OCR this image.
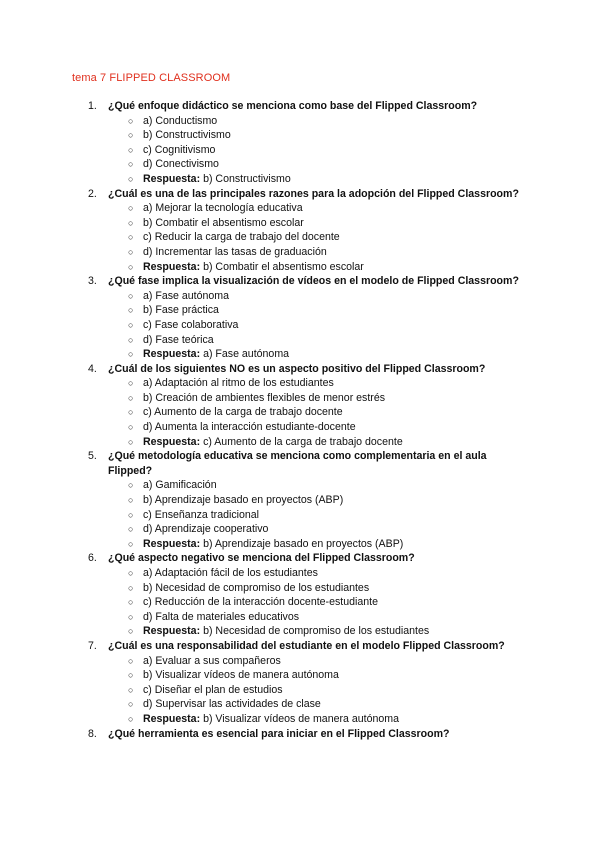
tema 7 FLIPPED CLASSROOM
1. ¿Qué enfoque didáctico se menciona como base del Flipped Classroom?
○ a) Conductismo
○ b) Constructivismo
○ c) Cognitivismo
○ d) Conectivismo
○ Respuesta: b) Constructivismo
2. ¿Cuál es una de las principales razones para la adopción del Flipped Classroom?
○ a) Mejorar la tecnología educativa
○ b) Combatir el absentismo escolar
○ c) Reducir la carga de trabajo del docente
○ d) Incrementar las tasas de graduación
○ Respuesta: b) Combatir el absentismo escolar
3. ¿Qué fase implica la visualización de vídeos en el modelo de Flipped Classroom?
○ a) Fase autónoma
○ b) Fase práctica
○ c) Fase colaborativa
○ d) Fase teórica
○ Respuesta: a) Fase autónoma
4. ¿Cuál de los siguientes NO es un aspecto positivo del Flipped Classroom?
○ a) Adaptación al ritmo de los estudiantes
○ b) Creación de ambientes flexibles de menor estrés
○ c) Aumento de la carga de trabajo docente
○ d) Aumenta la interacción estudiante-docente
○ Respuesta: c) Aumento de la carga de trabajo docente
5. ¿Qué metodología educativa se menciona como complementaria en el aula Flipped?
○ a) Gamificación
○ b) Aprendizaje basado en proyectos (ABP)
○ c) Enseñanza tradicional
○ d) Aprendizaje cooperativo
○ Respuesta: b) Aprendizaje basado en proyectos (ABP)
6. ¿Qué aspecto negativo se menciona del Flipped Classroom?
○ a) Adaptación fácil de los estudiantes
○ b) Necesidad de compromiso de los estudiantes
○ c) Reducción de la interacción docente-estudiante
○ d) Falta de materiales educativos
○ Respuesta: b) Necesidad de compromiso de los estudiantes
7. ¿Cuál es una responsabilidad del estudiante en el modelo Flipped Classroom?
○ a) Evaluar a sus compañeros
○ b) Visualizar vídeos de manera autónoma
○ c) Diseñar el plan de estudios
○ d) Supervisar las actividades de clase
○ Respuesta: b) Visualizar vídeos de manera autónoma
8. ¿Qué herramienta es esencial para iniciar en el Flipped Classroom?
